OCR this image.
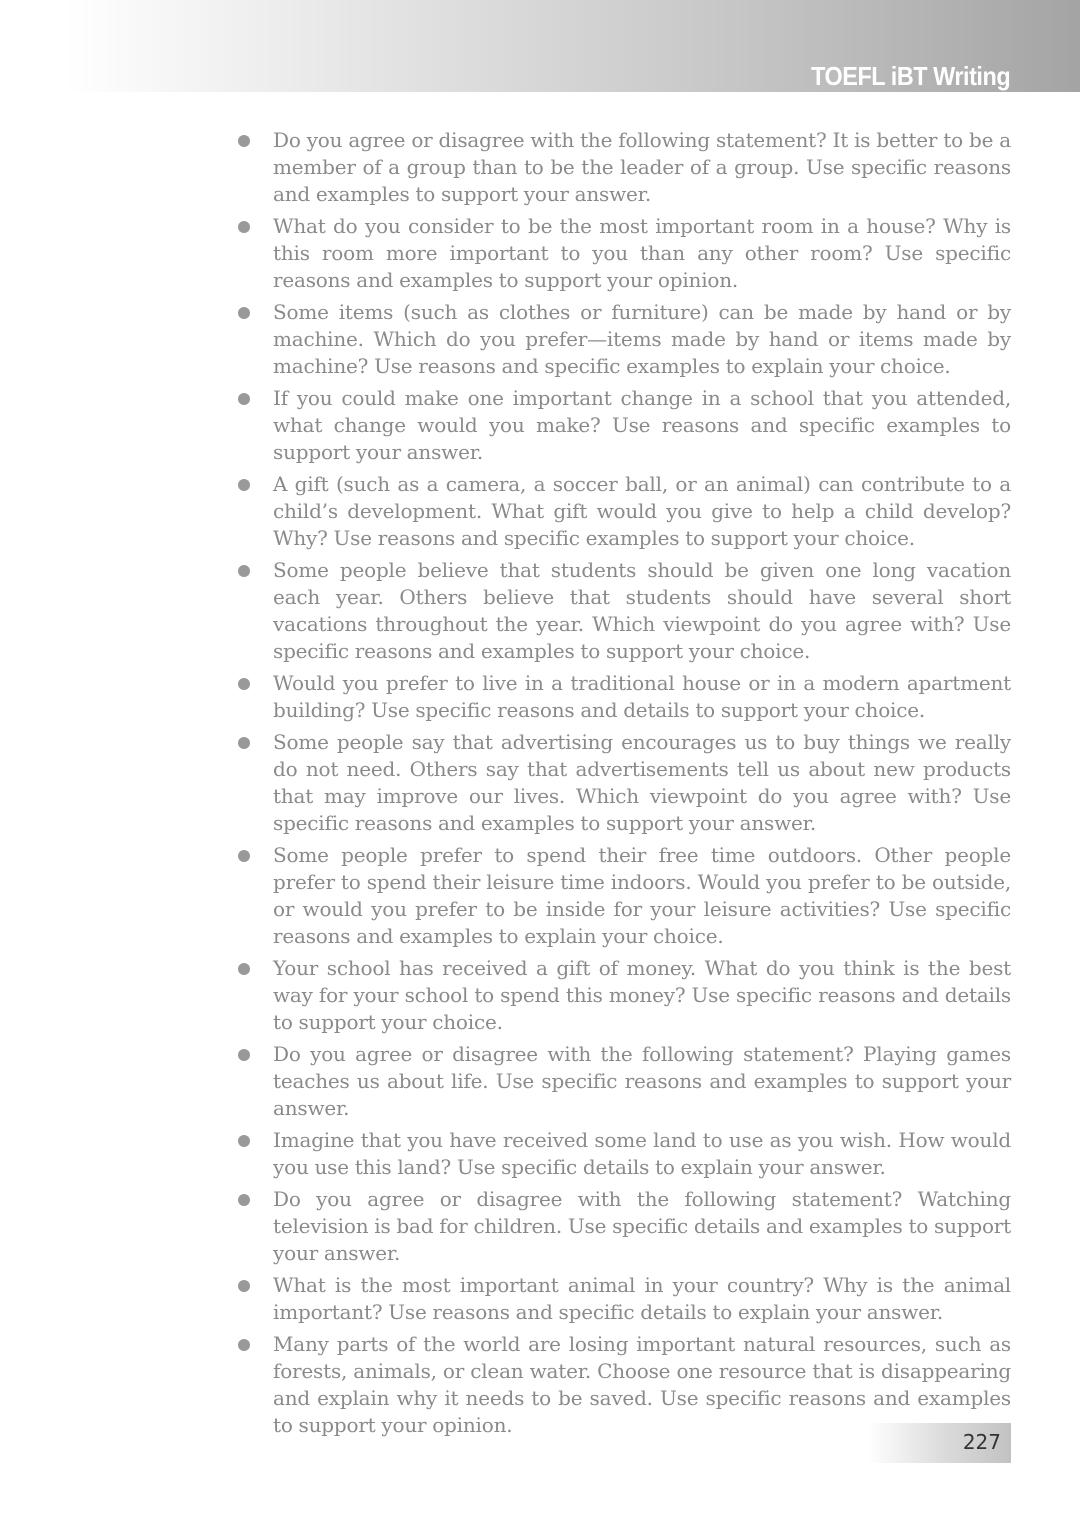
TOEFL iBT Writing
Do you agree or disagree with the following statement? It is better to be a member of a group than to be the leader of a group. Use specific reasons and examples to support your answer.
What do you consider to be the most important room in a house? Why is this room more important to you than any other room? Use specific reasons and examples to support your opinion.
Some items (such as clothes or furniture) can be made by hand or by machine. Which do you prefer—items made by hand or items made by machine? Use reasons and specific examples to explain your choice.
If you could make one important change in a school that you attended, what change would you make? Use reasons and specific examples to support your answer.
A gift (such as a camera, a soccer ball, or an animal) can contribute to a child’s development. What gift would you give to help a child develop? Why? Use reasons and specific examples to support your choice.
Some people believe that students should be given one long vacation each year. Others believe that students should have several short vacations throughout the year. Which viewpoint do you agree with? Use specific reasons and examples to support your choice.
Would you prefer to live in a traditional house or in a modern apartment building? Use specific reasons and details to support your choice.
Some people say that advertising encourages us to buy things we really do not need. Others say that advertisements tell us about new products that may improve our lives. Which viewpoint do you agree with? Use specific reasons and examples to support your answer.
Some people prefer to spend their free time outdoors. Other people prefer to spend their leisure time indoors. Would you prefer to be outside, or would you prefer to be inside for your leisure activities? Use specific reasons and examples to explain your choice.
Your school has received a gift of money. What do you think is the best way for your school to spend this money? Use specific reasons and details to support your choice.
Do you agree or disagree with the following statement? Playing games teaches us about life. Use specific reasons and examples to support your answer.
Imagine that you have received some land to use as you wish. How would you use this land? Use specific details to explain your answer.
Do you agree or disagree with the following statement? Watching television is bad for children. Use specific details and examples to support your answer.
What is the most important animal in your country? Why is the animal important? Use reasons and specific details to explain your answer.
Many parts of the world are losing important natural resources, such as forests, animals, or clean water. Choose one resource that is disappearing and explain why it needs to be saved. Use specific reasons and examples to support your opinion.
227
